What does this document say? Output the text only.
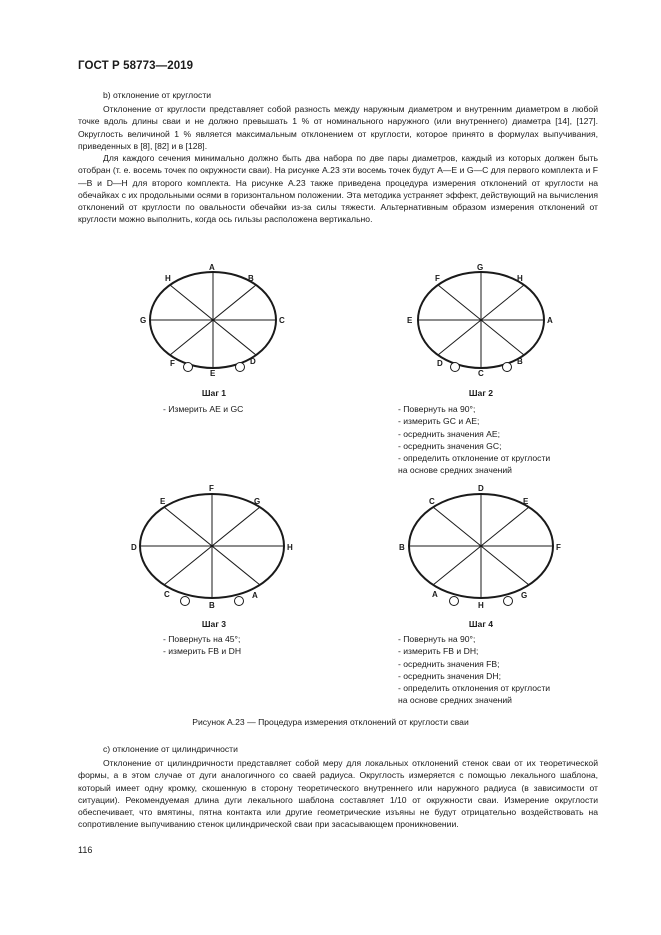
ГОСТ Р 58773—2019
b) отклонение от круглости

Отклонение от круглости представляет собой разность между наружным диаметром и внутренним диаметром в любой точке вдоль длины сваи и не должно превышать 1 % от номинального наружного (или внутреннего) диаметра [14], [127]. Округлость величиной 1 % является максимальным отклонением от круглости, которое принято в формулах выпучивания, приведенных в [8], [82] и в [128].

Для каждого сечения минимально должно быть два набора по две пары диаметров, каждый из которых должен быть отобран (т. е. восемь точек по окружности сваи). На рисунке А.23 эти восемь точек будут A—E и G—C для первого комплекта и F—B и D—H для второго комплекта. На рисунке А.23 также приведена процедура измерения отклонений от круглости на обечайках с их продольными осями в горизонтальном положении. Эта методика устраняет эффект, действующий на вычисления отклонений от круглости по овальности обечайки из-за силы тяжести. Альтернативным образом измерения отклонений от круглости можно выполнить, когда ось гильзы расположена вертикально.

A
B
C
D
E
F
G
H
Шаг 1
- Измерить AE и GC
G
H
A
B
C
D
E
F
Шаг 2
- Повернуть на 90°;
- измерить GC и AE;
- осреднить значения AE;
- осреднить значения GC;
- определить отклонение от круглости
на основе средних значений
F
G
H
A
B
C
D
E
Шаг 3
- Повернуть на 45°;
- измерить FB и DH
D
E
F
G
H
A
B
C
Шаг 4
- Повернуть на 90°;
- измерить FB и DH;
- осреднить значения FB;
- осреднить значения DH;
- определить отклонения от круглости
на основе средних значений
Рисунок А.23 — Процедура измерения отклонений от круглости сваи
c) отклонение от цилиндричности

Отклонение от цилиндричности представляет собой меру для локальных отклонений стенок сваи от их теоретической формы, а в этом случае от дуги аналогичного со сваей радиуса. Округлость измеряется с помощью лекального шаблона, который имеет одну кромку, скошенную в сторону теоретического внутреннего или наружного радиуса (в зависимости от ситуации). Рекомендуемая длина дуги лекального шаблона составляет 1/10 от окружности сваи. Измерение округлости обеспечивает, что вмятины, пятна контакта или другие геометрические изъяны не будут отрицательно воздействовать на сопротивление выпучиванию стенок цилиндрической сваи при засасывающем проникновении.

116
